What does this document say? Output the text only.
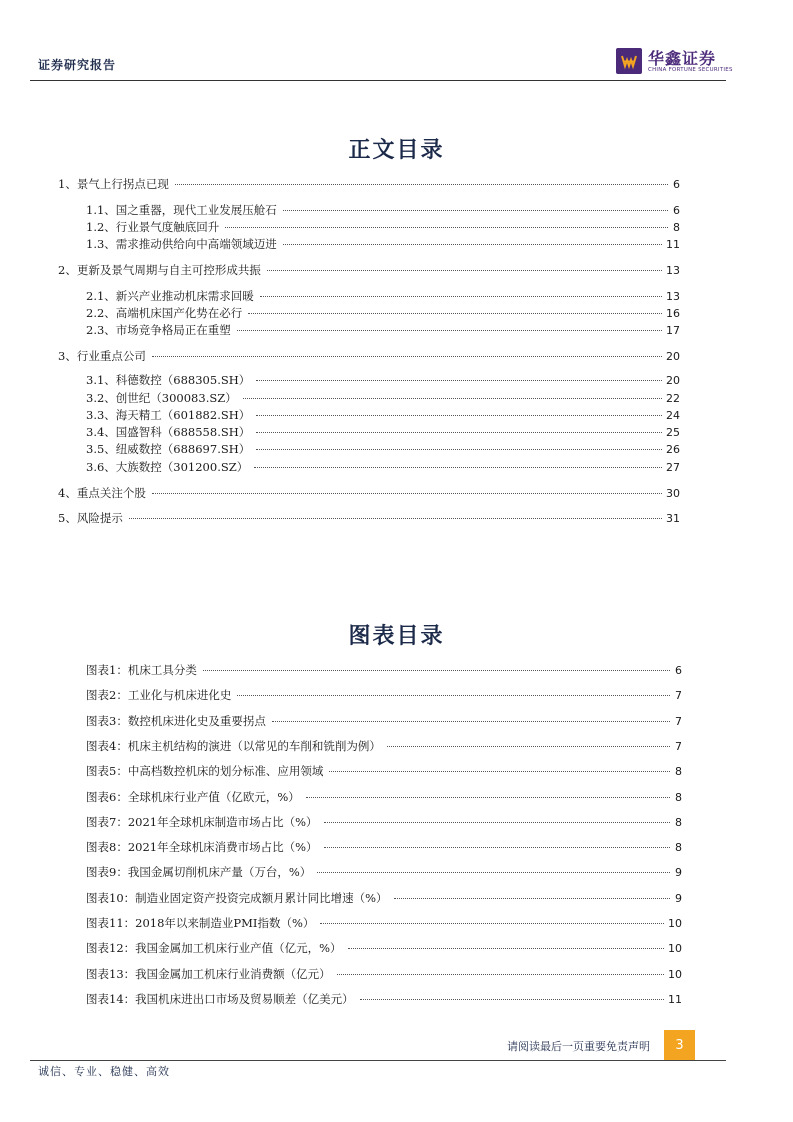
证券研究报告	华鑫证券
CHINA FORTUNE SECURITIES
正文目录
1、景气上行拐点已现	6
1.1、国之重器，现代工业发展压舱石	6
1.2、行业景气度触底回升	8
1.3、需求推动供给向中高端领域迈进	11
2、更新及景气周期与自主可控形成共振	13
2.1、新兴产业推动机床需求回暖	13
2.2、高端机床国产化势在必行	16
2.3、市场竞争格局正在重塑	17
3、行业重点公司	20
3.1、科德数控（688305.SH）	20
3.2、创世纪（300083.SZ）	22
3.3、海天精工（601882.SH）	24
3.4、国盛智科（688558.SH）	25
3.5、纽威数控（688697.SH）	26
3.6、大族数控（301200.SZ）	27
4、重点关注个股	30
5、风险提示	31
图表目录
图表1：机床工具分类	6
图表2：工业化与机床进化史	7
图表3：数控机床进化史及重要拐点	7
图表4：机床主机结构的演进（以常见的车削和铣削为例）	7
图表5：中高档数控机床的划分标准、应用领域	8
图表6：全球机床行业产值（亿欧元，%）	8
图表7：2021年全球机床制造市场占比（%）	8
图表8：2021年全球机床消费市场占比（%）	8
图表9：我国金属切削机床产量（万台，%）	9
图表10：制造业固定资产投资完成额月累计同比增速（%）	9
图表11：2018年以来制造业PMI指数（%）	10
图表12：我国金属加工机床行业产值（亿元，%）	10
图表13：我国金属加工机床行业消费额（亿元）	10
图表14：我国机床进出口市场及贸易顺差（亿美元）	11
请阅读最后一页重要免责声明	3
诚信、专业、稳健、高效
